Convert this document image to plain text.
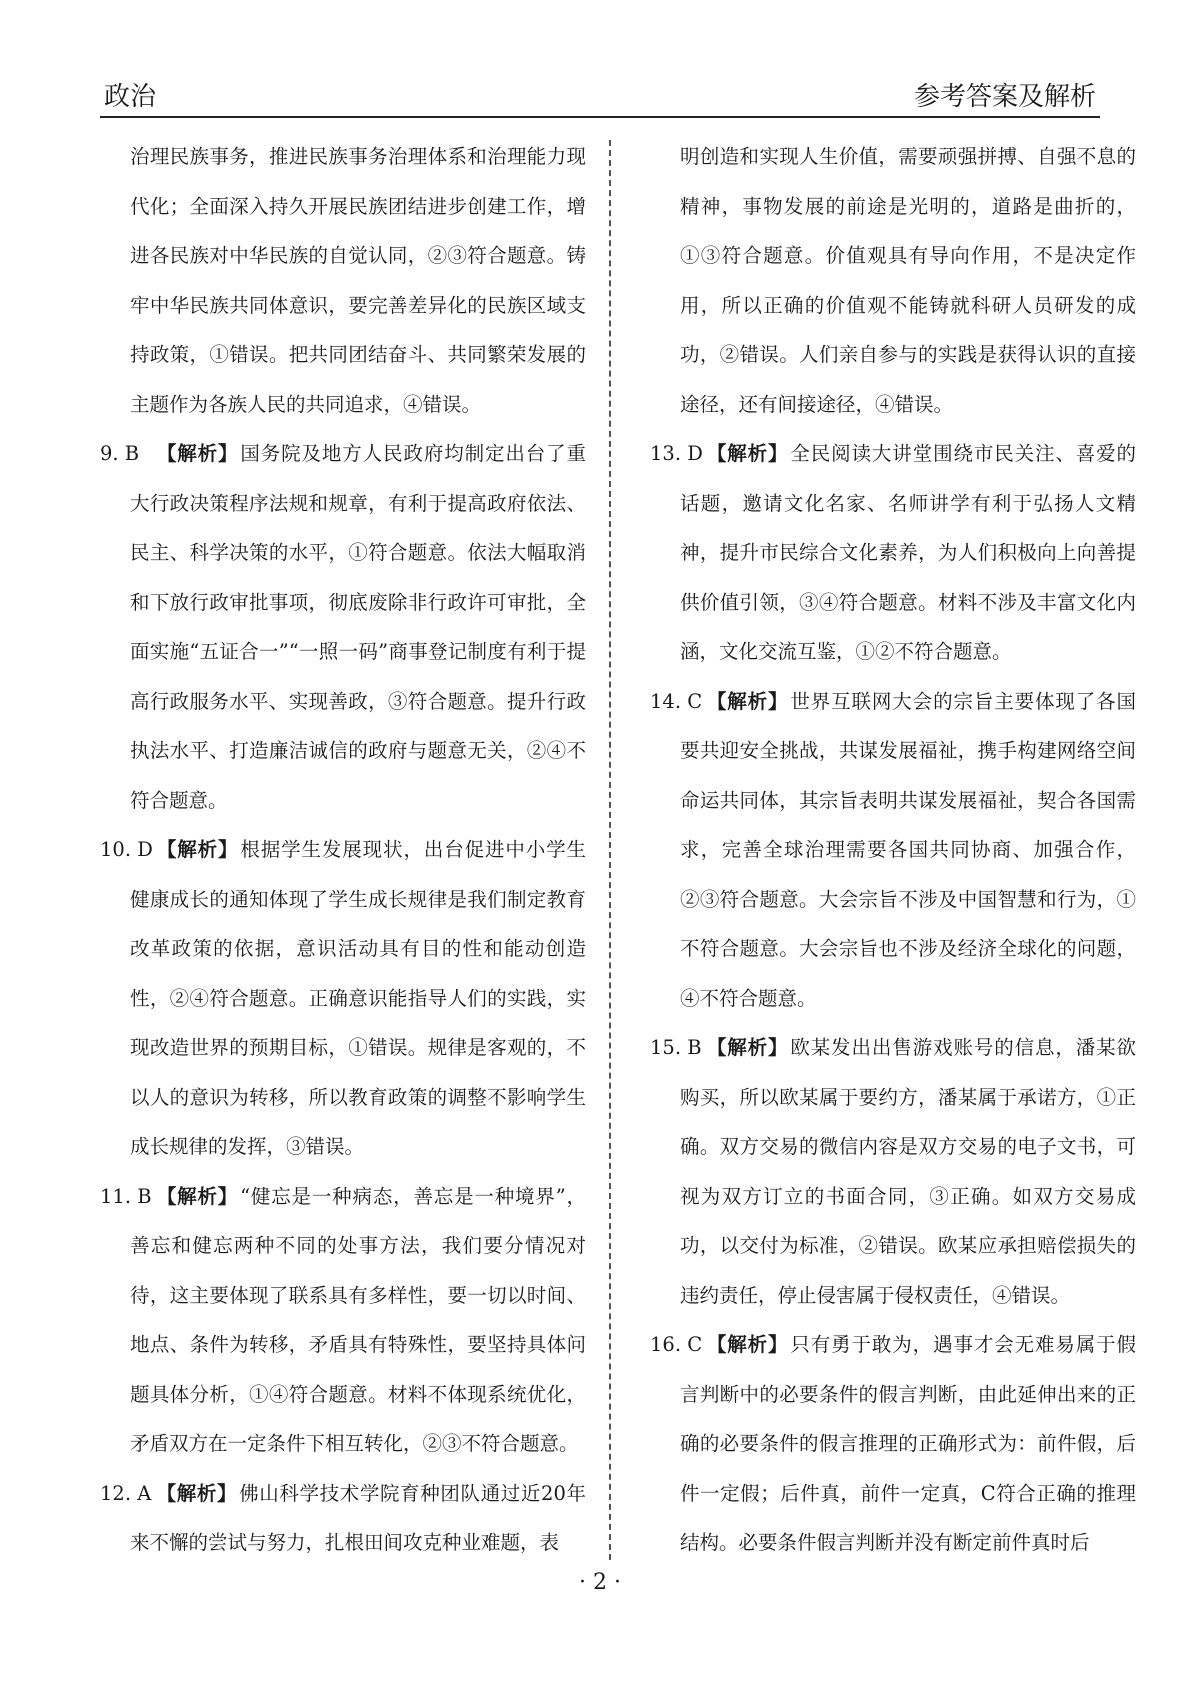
政治	参考答案及解析

治理民族事务，推进民族事务治理体系和治理能力现代化；全面深入持久开展民族团结进步创建工作，增进各民族对中华民族的自觉认同，②③符合题意。铸牢中华民族共同体意识，要完善差异化的民族区域支持政策，①错误。把共同团结奋斗、共同繁荣发展的主题作为各族人民的共同追求，④错误。

9. B 【解析】 国务院及地方人民政府均制定出台了重大行政决策程序法规和规章，有利于提高政府依法、民主、科学决策的水平，①符合题意。依法大幅取消和下放行政审批事项，彻底废除非行政许可审批，全面实施“五证合一”“一照一码”商事登记制度有利于提高行政服务水平、实现善政，③符合题意。提升行政执法水平、打造廉洁诚信的政府与题意无关，②④不符合题意。

10. D 【解析】 根据学生发展现状，出台促进中小学生健康成长的通知体现了学生成长规律是我们制定教育改革政策的依据，意识活动具有目的性和能动创造性，②④符合题意。正确意识能指导人们的实践，实现改造世界的预期目标，①错误。规律是客观的，不以人的意识为转移，所以教育政策的调整不影响学生成长规律的发挥，③错误。

11. B 【解析】 “健忘是一种病态，善忘是一种境界”，善忘和健忘两种不同的处事方法，我们要分情况对待，这主要体现了联系具有多样性，要一切以时间、地点、条件为转移，矛盾具有特殊性，要坚持具体问题具体分析，①④符合题意。材料不体现系统优化，矛盾双方在一定条件下相互转化，②③不符合题意。

12. A 【解析】 佛山科学技术学院育种团队通过近20年来不懈的尝试与努力，扎根田间攻克种业难题，表

明创造和实现人生价值，需要顽强拼搏、自强不息的精神，事物发展的前途是光明的，道路是曲折的，①③符合题意。价值观具有导向作用，不是决定作用，所以正确的价值观不能铸就科研人员研发的成功，②错误。人们亲自参与的实践是获得认识的直接途径，还有间接途径，④错误。

13. D 【解析】 全民阅读大讲堂围绕市民关注、喜爱的话题，邀请文化名家、名师讲学有利于弘扬人文精神，提升市民综合文化素养，为人们积极向上向善提供价值引领，③④符合题意。材料不涉及丰富文化内涵，文化交流互鉴，①②不符合题意。

14. C 【解析】 世界互联网大会的宗旨主要体现了各国要共迎安全挑战，共谋发展福祉，携手构建网络空间命运共同体，其宗旨表明共谋发展福祉，契合各国需求，完善全球治理需要各国共同协商、加强合作，②③符合题意。大会宗旨不涉及中国智慧和行为，①不符合题意。大会宗旨也不涉及经济全球化的问题，④不符合题意。

15. B 【解析】 欧某发出出售游戏账号的信息，潘某欲购买，所以欧某属于要约方，潘某属于承诺方，①正确。双方交易的微信内容是双方交易的电子文书，可视为双方订立的书面合同，③正确。如双方交易成功，以交付为标准，②错误。欧某应承担赔偿损失的违约责任，停止侵害属于侵权责任，④错误。

16. C 【解析】 只有勇于敢为，遇事才会无难易属于假言判断中的必要条件的假言判断，由此延伸出来的正确的必要条件的假言推理的正确形式为：前件假，后件一定假；后件真，前件一定真，C符合正确的推理结构。必要条件假言判断并没有断定前件真时后

· 2 ·
